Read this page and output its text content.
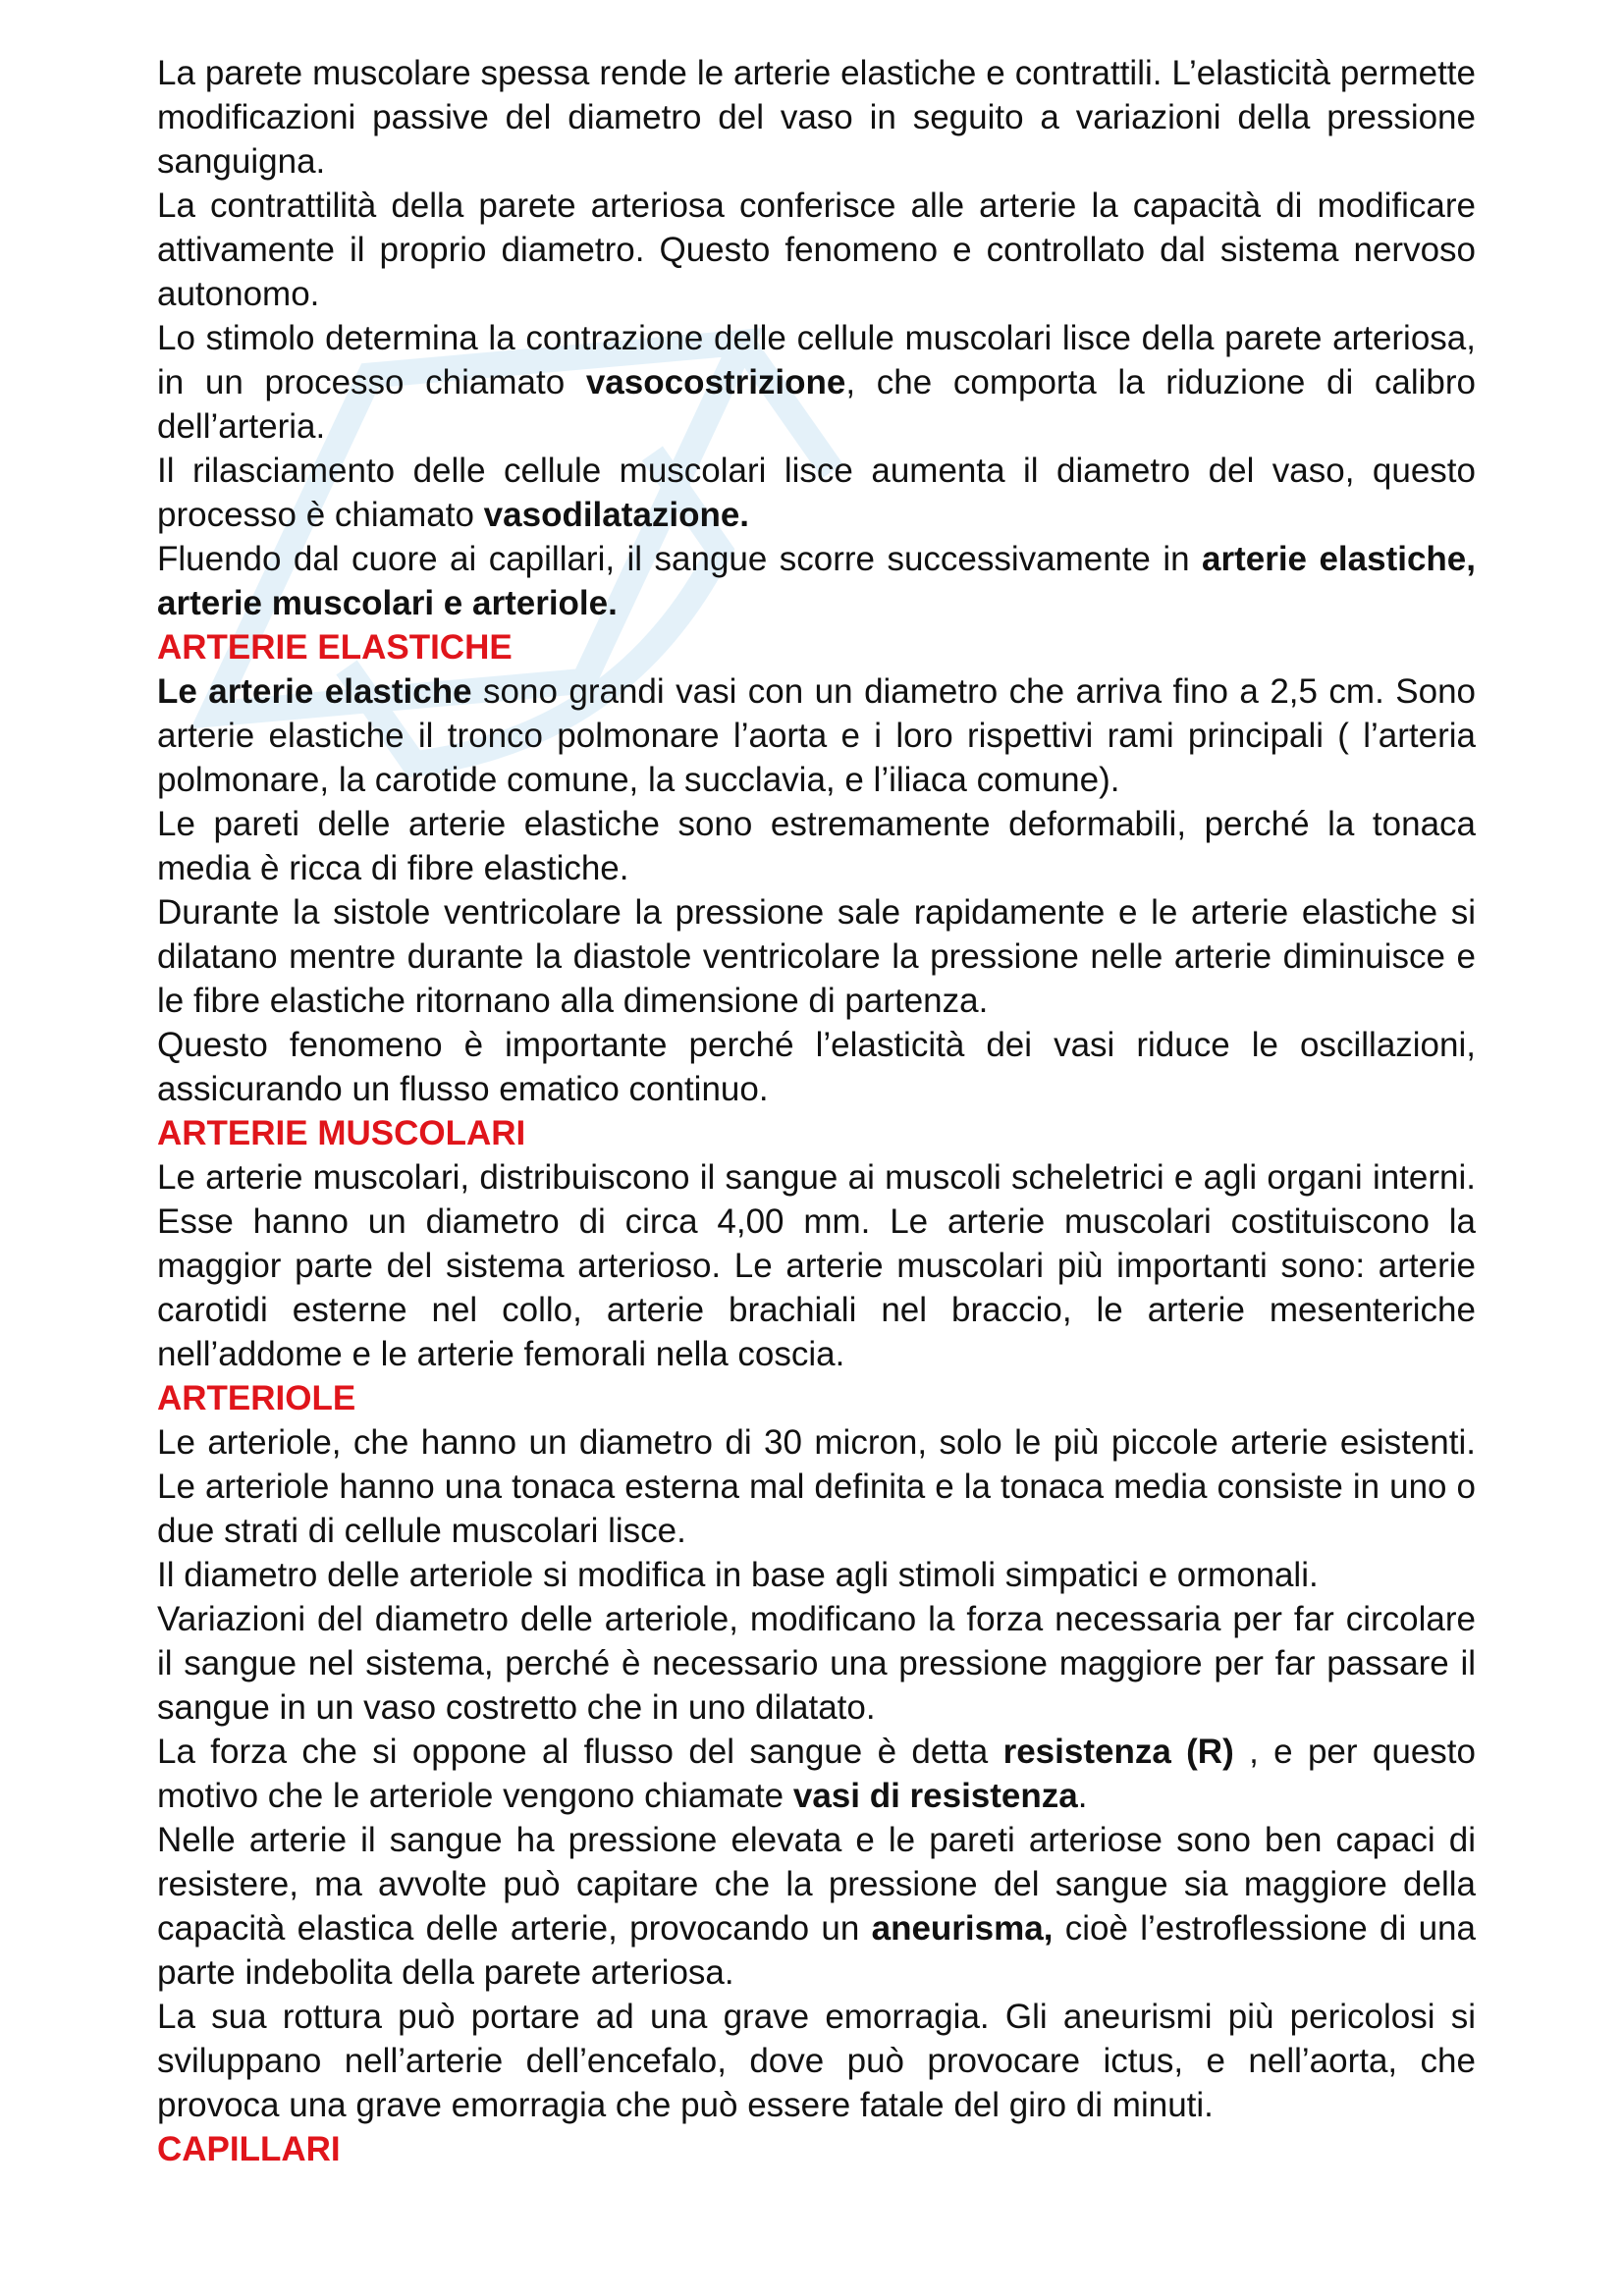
La parete muscolare spessa rende le arterie elastiche e contrattili. L’elasticità permette modificazioni passive del diametro del vaso in seguito a variazioni della pressione sanguigna.

La contrattilità della parete arteriosa conferisce alle arterie la capacità di modificare attivamente il proprio diametro. Questo fenomeno e controllato dal sistema nervoso autonomo.

Lo stimolo determina la contrazione delle cellule muscolari lisce della parete arteriosa, in un processo chiamato vasocostrizione, che comporta la riduzione di calibro dell’arteria.

Il rilasciamento delle cellule muscolari lisce aumenta il diametro del vaso, questo processo è chiamato vasodilatazione.

Fluendo dal cuore ai capillari, il sangue scorre successivamente in arterie elastiche, arterie muscolari e arteriole.

ARTERIE ELASTICHE

Le arterie elastiche sono grandi vasi con un diametro che arriva fino a 2,5 cm. Sono arterie elastiche il tronco polmonare l’aorta e i loro rispettivi rami principali ( l’arteria polmonare, la carotide comune, la succlavia, e l’iliaca comune).

Le pareti delle arterie elastiche sono estremamente deformabili, perché la tonaca media è ricca di fibre elastiche.

Durante la sistole ventricolare la pressione sale rapidamente e le arterie elastiche si dilatano mentre durante la diastole ventricolare la pressione nelle arterie diminuisce e le fibre elastiche ritornano alla dimensione di partenza.

Questo fenomeno è importante perché l’elasticità dei vasi riduce le oscillazioni, assicurando un flusso ematico continuo.

ARTERIE MUSCOLARI

Le arterie muscolari, distribuiscono il sangue ai muscoli scheletrici e agli organi interni. Esse hanno un diametro di circa 4,00 mm. Le arterie muscolari costituiscono la maggior parte del sistema arterioso. Le arterie muscolari più importanti sono: arterie carotidi esterne nel collo, arterie brachiali nel braccio, le arterie mesenteriche nell’addome e le arterie femorali nella coscia.

ARTERIOLE

Le arteriole, che hanno un diametro di 30 micron, solo le più piccole arterie esistenti. Le arteriole hanno una tonaca esterna mal definita e la tonaca media consiste in uno o due strati di cellule muscolari lisce.

Il diametro delle arteriole si modifica in base agli stimoli simpatici e ormonali.

Variazioni del diametro delle arteriole, modificano la forza necessaria per far circolare il sangue nel sistema, perché è necessario una pressione maggiore per far passare il sangue in un vaso costretto che in uno dilatato.

La forza che si oppone al flusso del sangue è detta resistenza (R) , e per questo motivo che le arteriole vengono chiamate vasi di resistenza.

Nelle arterie il sangue ha pressione elevata e le pareti arteriose sono ben capaci di resistere, ma avvolte può capitare che la pressione del sangue sia maggiore della capacità elastica delle arterie, provocando un aneurisma, cioè l’estroflessione di una parte indebolita della parete arteriosa.

La sua rottura può portare ad una grave emorragia. Gli aneurismi più pericolosi si sviluppano nell’arterie dell’encefalo, dove può provocare ictus, e nell’aorta, che provoca una grave emorragia che può essere fatale del giro di minuti.

CAPILLARI
